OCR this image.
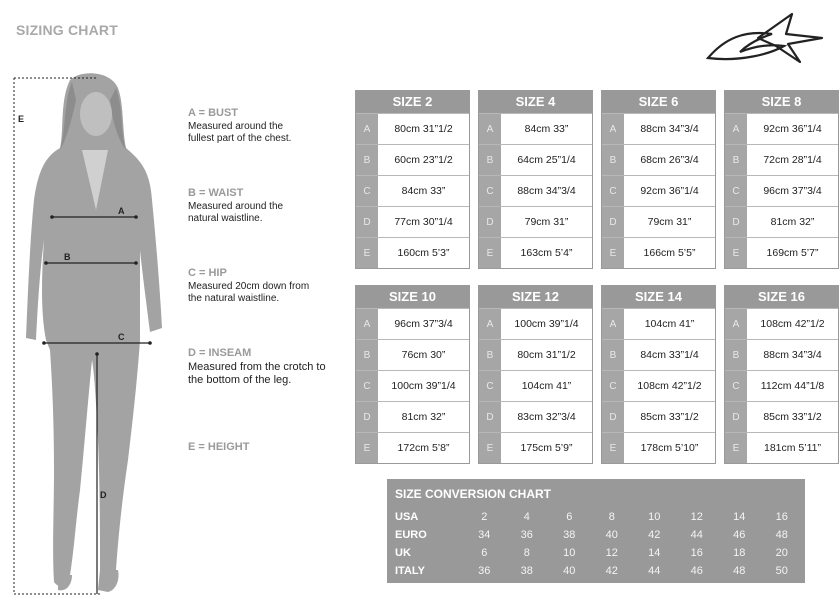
SIZING CHART
E
A
B
C
D
A = BUST
Measured around the fullest part of the chest.
B = WAIST
Measured around the natural waistline.
C = HIP
Measured 20cm down from the natural waistline.
D = INSEAM
Measured from the crotch to the bottom of the leg.
E = HEIGHT
SIZE 2
A	80cm 31”1/2
B	60cm 23”1/2
C	84cm 33”
D	77cm 30”1/4
E	160cm 5’3”
SIZE 4
A	84cm 33”
B	64cm 25”1/4
C	88cm 34”3/4
D	79cm 31”
E	163cm 5’4”
SIZE 6
A	88cm 34”3/4
B	68cm 26”3/4
C	92cm 36”1/4
D	79cm 31”
E	166cm 5’5”
SIZE 8
A	92cm 36”1/4
B	72cm 28”1/4
C	96cm 37”3/4
D	81cm 32”
E	169cm 5’7”
SIZE 10
A	96cm 37”3/4
B	76cm 30”
C	100cm 39”1/4
D	81cm 32”
E	172cm 5’8”
SIZE 12
A	100cm 39”1/4
B	80cm 31”1/2
C	104cm 41”
D	83cm 32”3/4
E	175cm 5’9”
SIZE 14
A	104cm 41”
B	84cm 33”1/4
C	108cm 42”1/2
D	85cm 33”1/2
E	178cm 5’10”
SIZE 16
A	108cm 42”1/2
B	88cm 34”3/4
C	112cm 44”1/8
D	85cm 33”1/2
E	181cm 5’11”
SIZE CONVERSION CHART
USA	2	4	6	8	10	12	14	16
EURO	34	36	38	40	42	44	46	48
UK	6	8	10	12	14	16	18	20
ITALY	36	38	40	42	44	46	48	50
